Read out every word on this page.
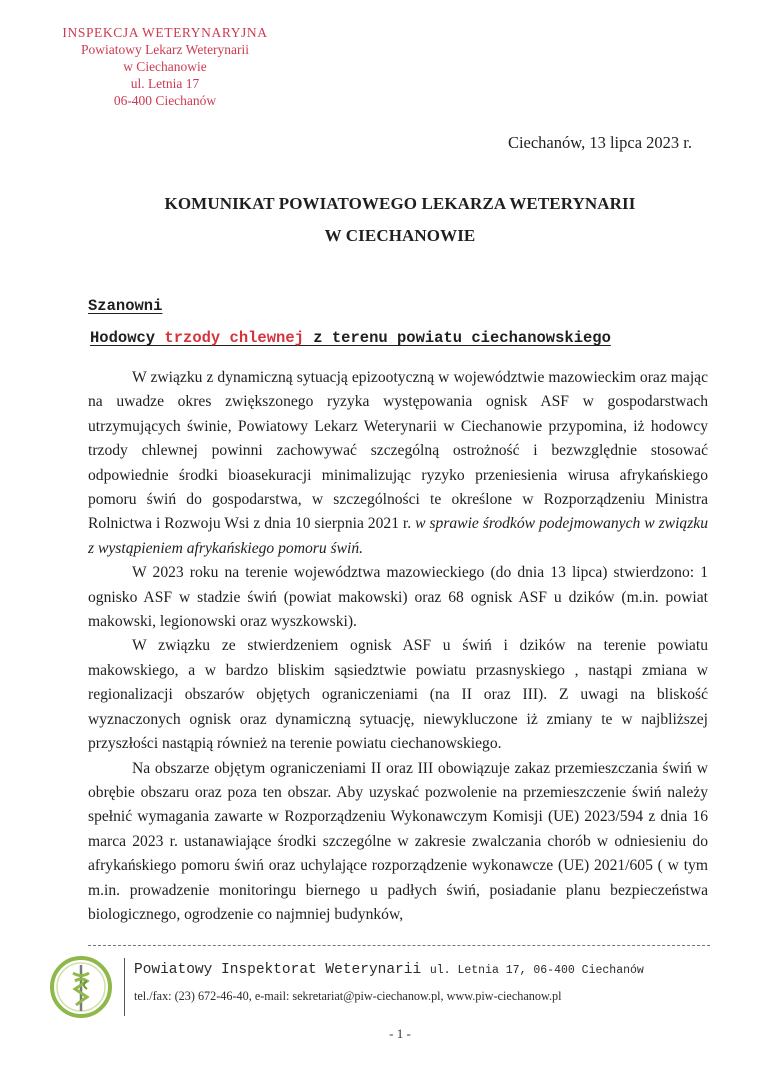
INSPEKCJA WETERYNARYJNA
Powiatowy Lekarz Weterynarii
w Ciechanowie
ul. Letnia 17
06-400 Ciechanów
Ciechanów, 13 lipca 2023 r.
KOMUNIKAT POWIATOWEGO LEKARZA WETERYNARII
W CIECHANOWIE
Szanowni
Hodowcy trzody chlewnej z terenu powiatu ciechanowskiego

W związku z dynamiczną sytuacją epizootyczną w województwie mazowieckim oraz mając na uwadze okres zwiększonego ryzyka występowania ognisk ASF w gospodarstwach utrzymujących świnie, Powiatowy Lekarz Weterynarii w Ciechanowie przypomina, iż hodowcy trzody chlewnej powinni zachowywać szczególną ostrożność i bezwzględnie stosować odpowiednie środki bioasekuracji minimalizując ryzyko przeniesienia wirusa afrykańskiego pomoru świń do gospodarstwa, w szczególności te określone w Rozporządzeniu Ministra Rolnictwa i Rozwoju Wsi z dnia 10 sierpnia 2021 r. w sprawie środków podejmowanych w związku z wystąpieniem afrykańskiego pomoru świń.

W 2023 roku na terenie województwa mazowieckiego (do dnia 13 lipca) stwierdzono: 1 ognisko ASF w stadzie świń (powiat makowski) oraz 68 ognisk ASF u dzików (m.in. powiat makowski, legionowski oraz wyszkowski).

W związku ze stwierdzeniem ognisk ASF u świń i dzików na terenie powiatu makowskiego, a w bardzo bliskim sąsiedztwie powiatu przasnyskiego , nastąpi zmiana w regionalizacji obszarów objętych ograniczeniami (na II oraz III). Z uwagi na bliskość wyznaczonych ognisk oraz dynamiczną sytuację, niewykluczone iż zmiany te w najbliższej przyszłości nastąpią również na terenie powiatu ciechanowskiego.

Na obszarze objętym ograniczeniami II oraz III obowiązuje zakaz przemieszczania świń w obrębie obszaru oraz poza ten obszar. Aby uzyskać pozwolenie na przemieszczenie świń należy spełnić wymagania zawarte w Rozporządzeniu Wykonawczym Komisji (UE) 2023/594 z dnia 16 marca 2023 r. ustanawiające środki szczególne w zakresie zwalczania chorób w odniesieniu do afrykańskiego pomoru świń oraz uchylające rozporządzenie wykonawcze (UE) 2021/605 ( w tym m.in. prowadzenie monitoringu biernego u padłych świń, posiadanie planu bezpieczeństwa biologicznego, ogrodzenie co najmniej budynków,

Powiatowy Inspektorat Weterynarii ul. Letnia 17, 06-400 Ciechanów
tel./fax: (23) 672-46-40, e-mail: sekretariat@piw-ciechanow.pl, www.piw-ciechanow.pl
- 1 -
